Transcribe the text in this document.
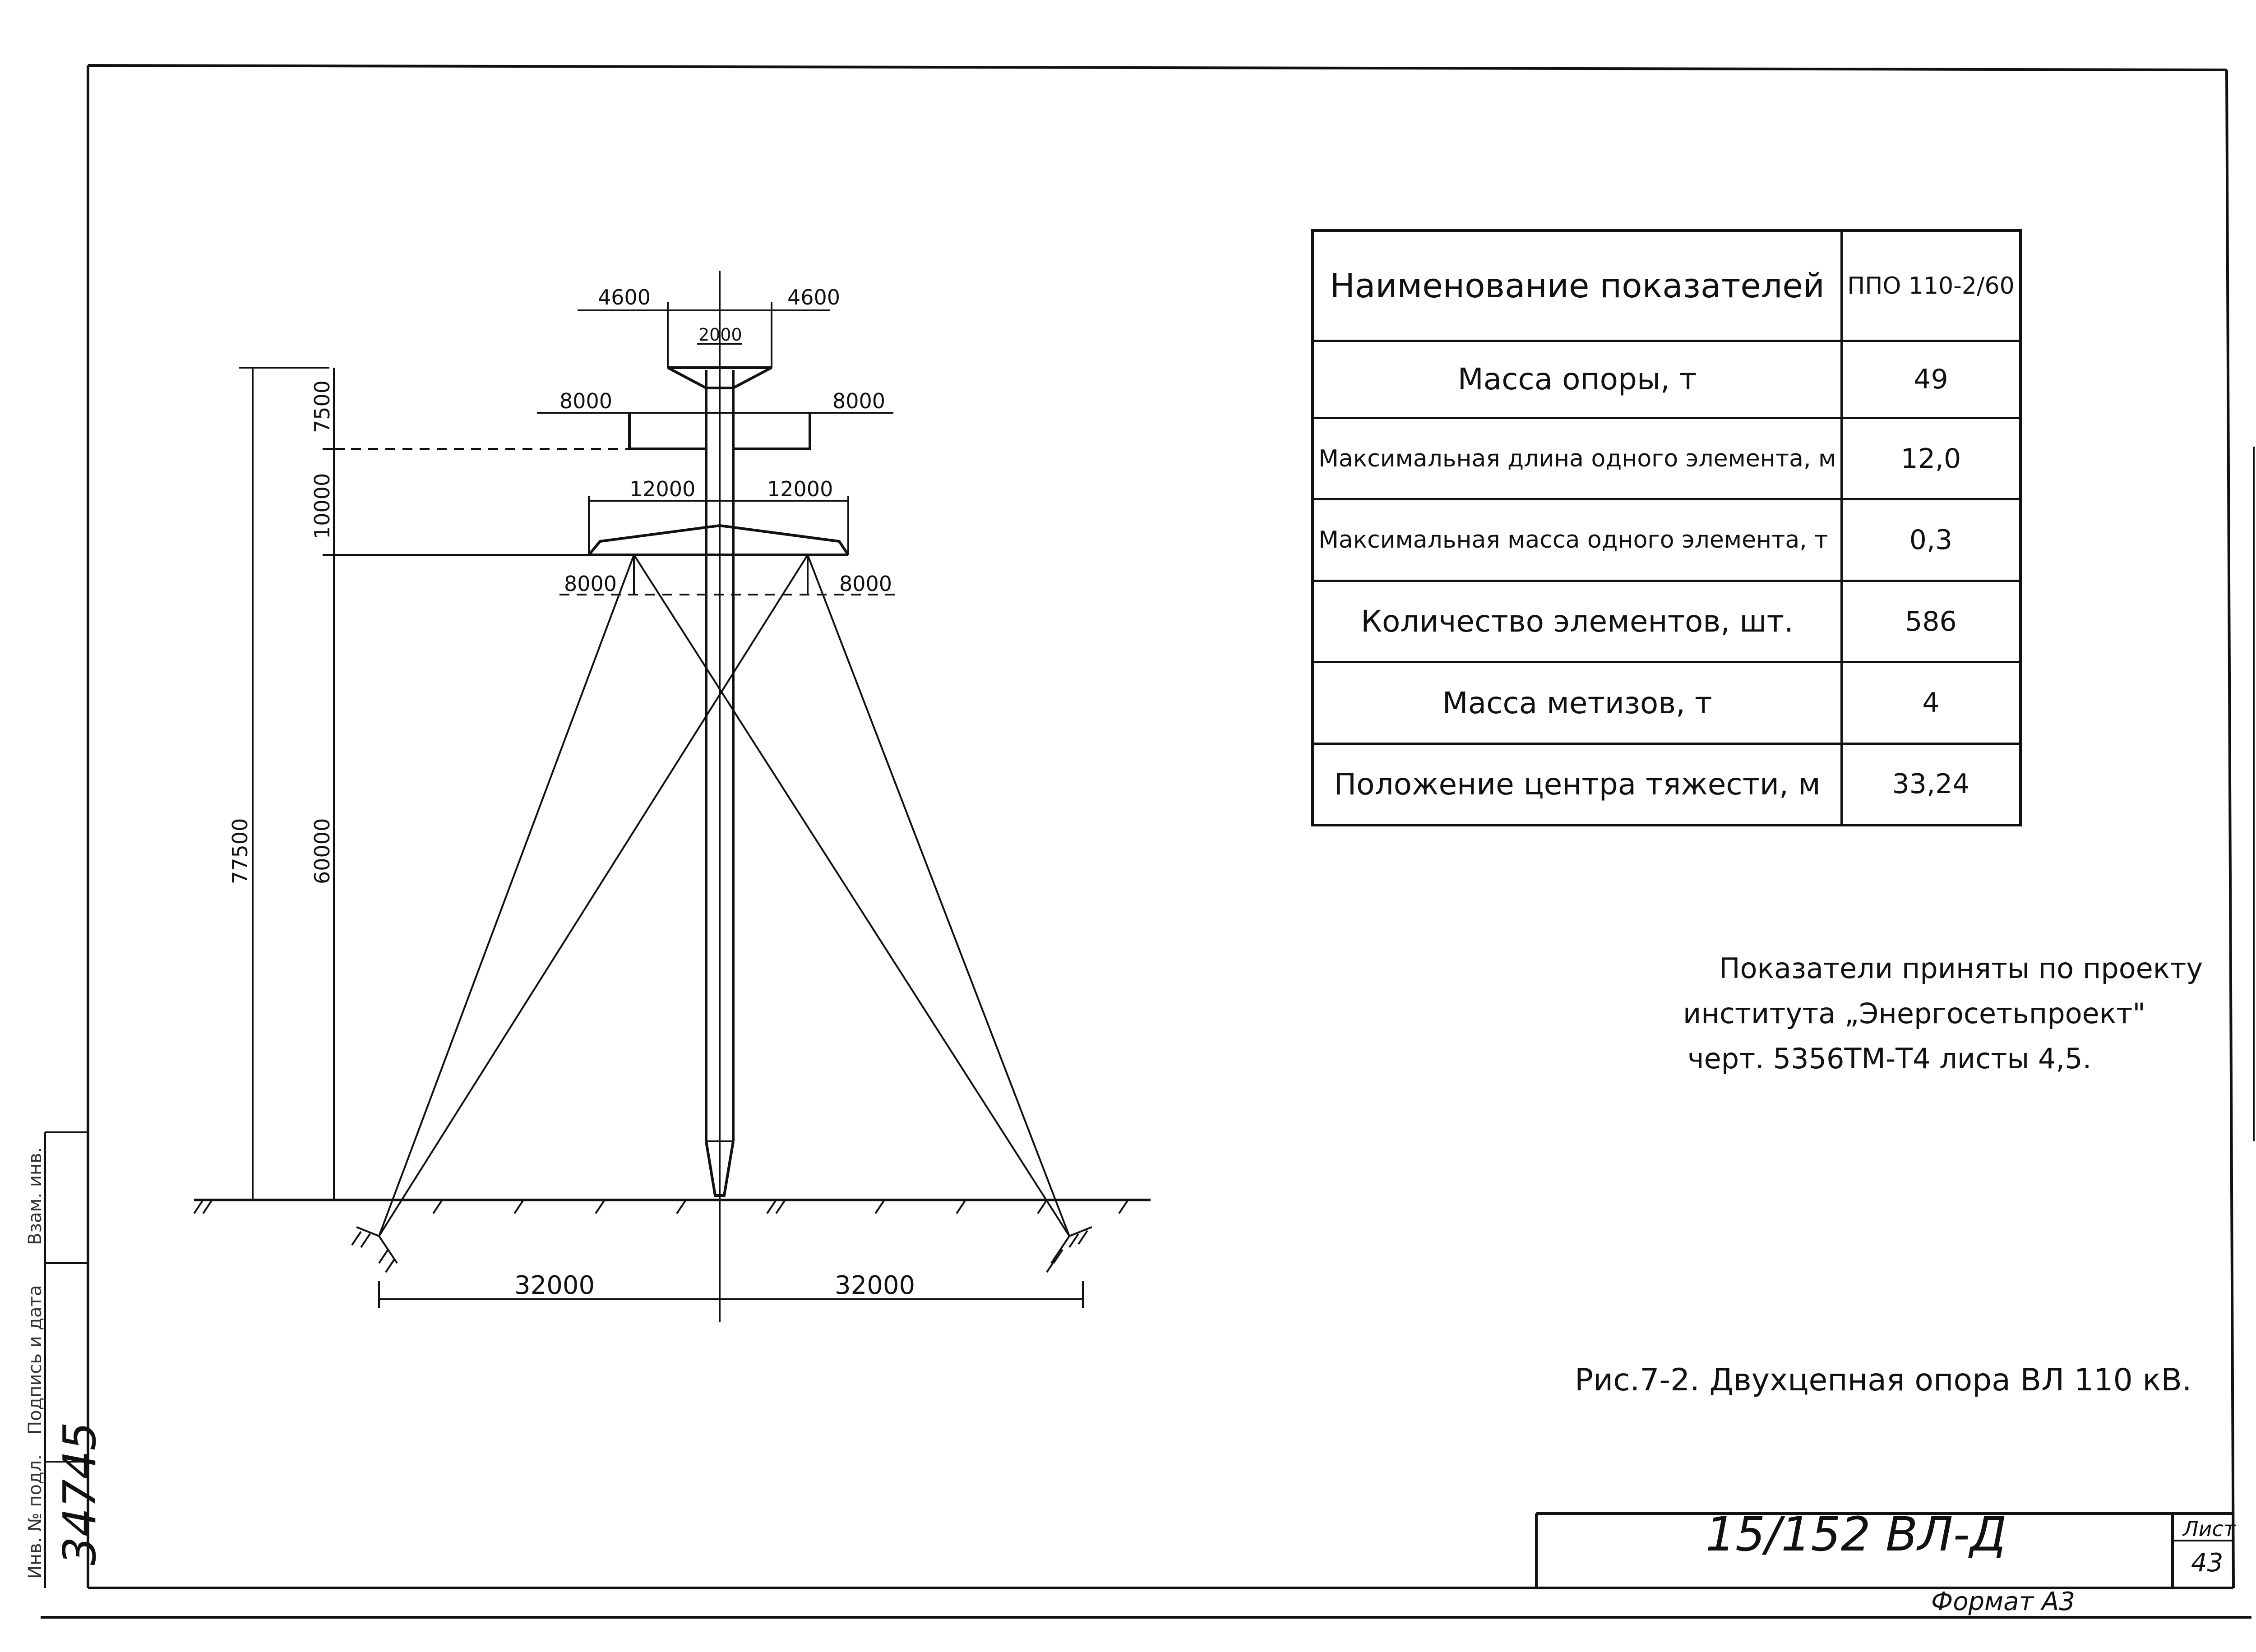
4600	4600
2000
8000	8000
12000	12000
8000	8000
7500
10000
60000
77500
32000	32000
Наименование показателей	ППО 110-2/60
Масса опоры, т	49
Максимальная длина одного элемента, м	12,0
Максимальная масса одного элемента, т	0,3
Количество элементов, шт.	586
Масса метизов, т	4
Положение центра тяжести, м	33,24
Показатели приняты по проекту
института „Энергосетьпроект"
черт. 5356ТМ-Т4 листы 4,5.
Рис.7-2. Двухцепная опора ВЛ 110 кВ.
15/152 ВЛ-Д	Лист
43
Формат А3
34745
Инв. № подл.
Подпись и дата
Взам. инв.
